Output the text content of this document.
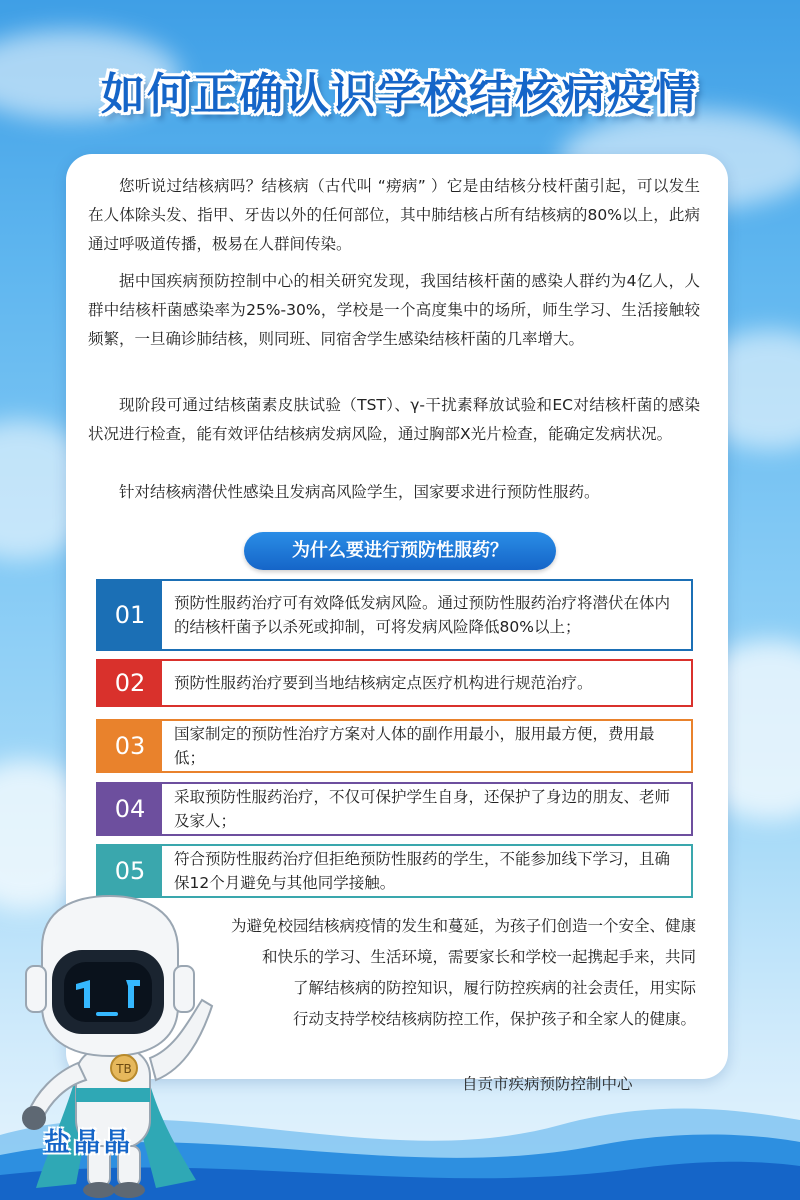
如何正确认识学校结核病疫情

您听说过结核病吗？结核病（古代叫 “痨病” ）它是由结核分枝杆菌引起，可以发生在人体除头发、指甲、牙齿以外的任何部位，其中肺结核占所有结核病的80%以上，此病通过呼吸道传播，极易在人群间传染。

据中国疾病预防控制中心的相关研究发现，我国结核杆菌的感染人群约为4亿人，人群中结核杆菌感染率为25%-30%，学校是一个高度集中的场所，师生学习、生活接触较频繁，一旦确诊肺结核，则同班、同宿舍学生感染结核杆菌的几率增大。

现阶段可通过结核菌素皮肤试验（TST）、γ-干扰素释放试验和EC对结核杆菌的感染状况进行检查，能有效评估结核病发病风险，通过胸部X光片检查，能确定发病状况。

针对结核病潜伏性感染且发病高风险学生，国家要求进行预防性服药。

为什么要进行预防性服药？
01	预防性服药治疗可有效降低发病风险。通过预防性服药治疗将潜伏在体内的结核杆菌予以杀死或抑制，可将发病风险降低80%以上；
02	预防性服药治疗要到当地结核病定点医疗机构进行规范治疗。
03	国家制定的预防性治疗方案对人体的副作用最小，服用最方便，费用最低；
04	采取预防性服药治疗，不仅可保护学生自身，还保护了身边的朋友、老师及家人；
05	符合预防性服药治疗但拒绝预防性服药的学生，不能参加线下学习，且确保12个月避免与其他同学接触。
为避免校园结核病疫情的发生和蔓延，为孩子们创造一个安全、健康
和快乐的学习、生活环境，需要家长和学校一起携起手来，共同
了解结核病的防控知识，履行防控疾病的社会责任，用实际
行动支持学校结核病防控工作，保护孩子和全家人的健康。
自贡市疾病预防控制中心
TB
盐晶晶
